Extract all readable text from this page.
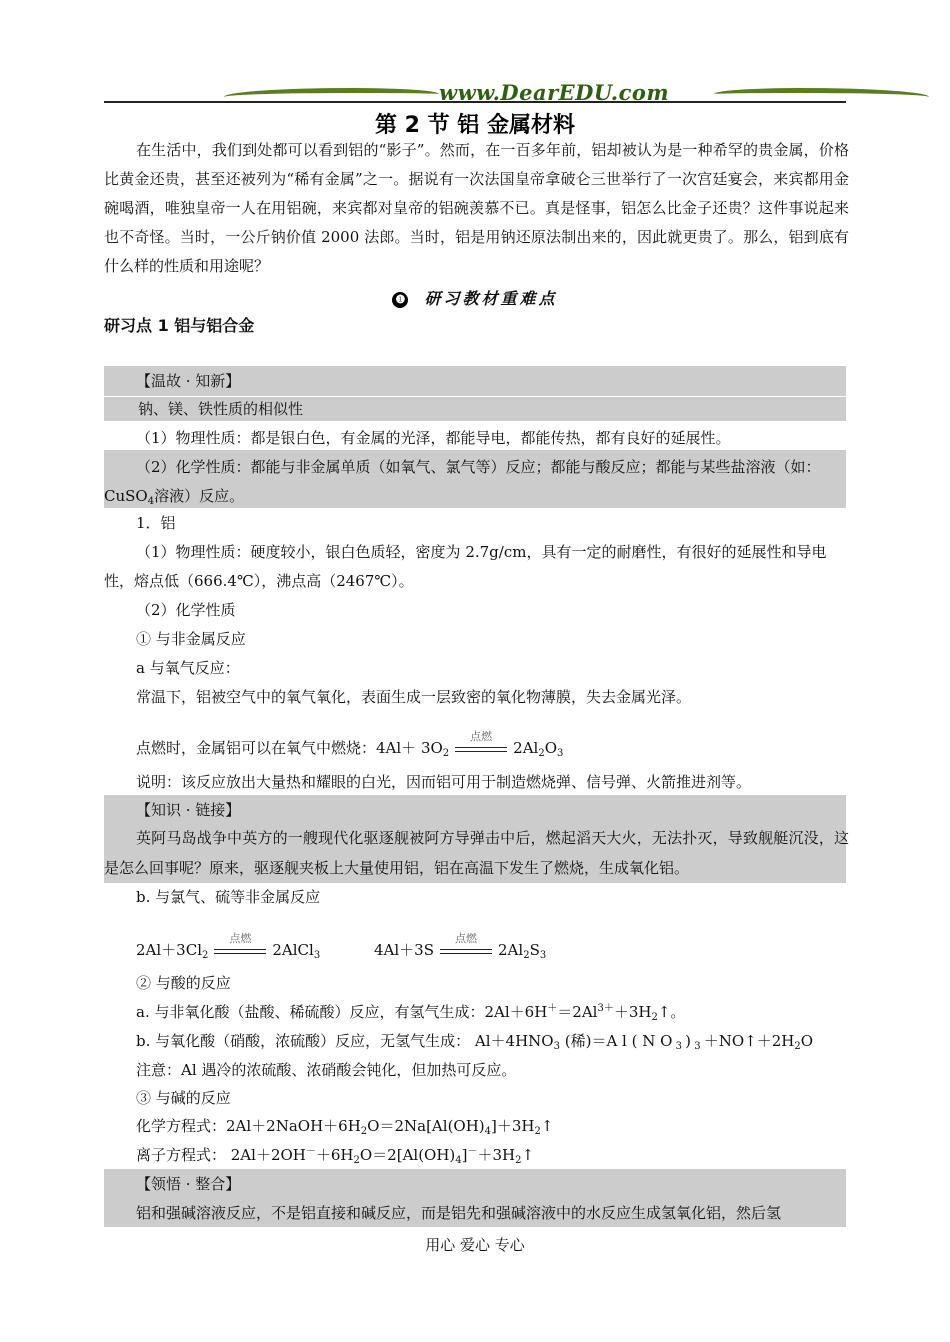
www.DearEDU.com
第 2 节 铝 金属材料
在生活中，我们到处都可以看到铝的“影子”。然而，在一百多年前，铝却被认为是一种希罕的贵金属，价格比黄金还贵，甚至还被列为“稀有金属”之一。据说有一次法国皇帝拿破仑三世举行了一次宫廷宴会，来宾都用金碗喝酒，唯独皇帝一人在用铝碗，来宾都对皇帝的铝碗羡慕不已。真是怪事，铝怎么比金子还贵？这件事说起来也不奇怪。当时，一公斤钠价值 2000 法郎。当时，铝是用钠还原法制出来的，因此就更贵了。那么，铝到底有什么样的性质和用途呢？
❶ 研习教材重难点
研习点 1 铝与铝合金
【温故 · 知新】
钠、镁、铁性质的相似性
（1）物理性质：都是银白色，有金属的光泽，都能导电，都能传热，都有良好的延展性。
（2）化学性质：都能与非金属单质（如氧气、氯气等）反应；都能与酸反应；都能与某些盐溶液（如：
CuSO$_4$溶液）反应。
1．铝
（1）物理性质：硬度较小，银白色质轻，密度为 2.7g/cm，具有一定的耐磨性，有很好的延展性和导电
性，熔点低（666.4℃），沸点高（2467℃）。
（2）化学性质
① 与非金属反应
a 与氧气反应：
常温下，铝被空气中的氧气氧化，表面生成一层致密的氧化物薄膜，失去金属光泽。
点燃时，金属铝可以在氧气中燃烧：$4Al+ 3O_2$
点燃
$2Al_2O_3$
说明：该反应放出大量热和耀眼的白光，因而铝可用于制造燃烧弹、信号弹、火箭推进剂等。
【知识 · 链接】
英阿马岛战争中英方的一艘现代化驱逐舰被阿方导弹击中后，燃起滔天大火，无法扑灭，导致舰艇沉没，这是怎么回事呢？原来，驱逐舰夹板上大量使用铝，铝在高温下发生了燃烧，生成氧化铝。
b. 与氯气、硫等非金属反应
$2Al+3Cl_2$
点燃
2AlCl$_3$	4Al＋3S
点燃
$2Al_2S_3$
② 与酸的反应
a. 与非氧化酸（盐酸、稀硫酸）反应，有氢气生成：$2Al+6H^+=2Al^{3+}+3H_2↑$。
b. 与氧化酸（硝酸，浓硫酸）反应，无氢气生成： $Al+4HNO_3$ (稀)＝A l ( N O $_3$ ) $_3 +NO↑+2H_2O$
注意：Al 遇冷的浓硫酸、浓硝酸会钝化，但加热可反应。
③ 与碱的反应
化学方程式：$2Al+2NaOH+6H_2O=2Na[Al(OH)_4]+3H_2↑$
离子方程式： $2Al+2OH^-+6H_2O=2[Al(OH)_4]^-+3H_2↑$
【领悟 · 整合】
铝和强碱溶液反应，不是铝直接和碱反应，而是铝先和强碱溶液中的水反应生成氢氧化铝，然后氢
用心 爱心 专心
